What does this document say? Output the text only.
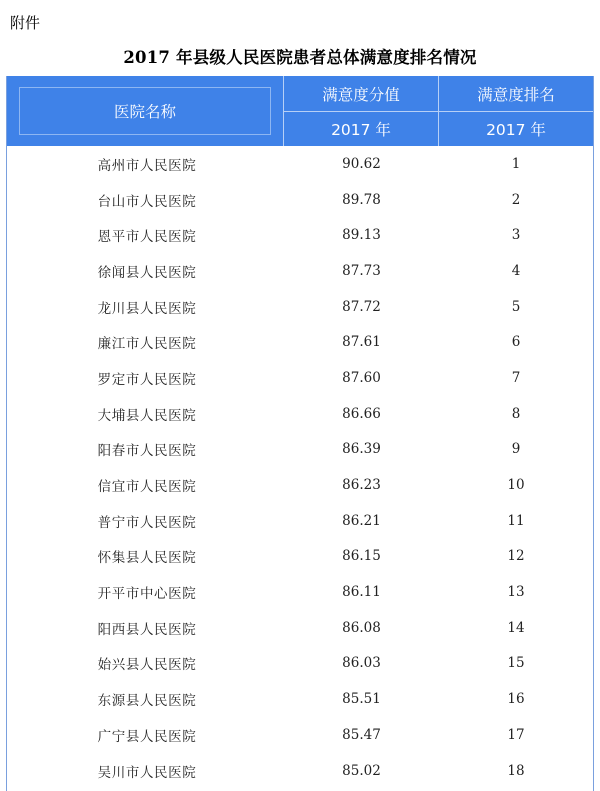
附件
2017 年县级人民医院患者总体满意度排名情况
医院名称
满意度分值	满意度排名
2017 年	2017 年
高州市人民医院	90.62	1
台山市人民医院	89.78	2
恩平市人民医院	89.13	3
徐闻县人民医院	87.73	4
龙川县人民医院	87.72	5
廉江市人民医院	87.61	6
罗定市人民医院	87.60	7
大埔县人民医院	86.66	8
阳春市人民医院	86.39	9
信宜市人民医院	86.23	10
普宁市人民医院	86.21	11
怀集县人民医院	86.15	12
开平市中心医院	86.11	13
阳西县人民医院	86.08	14
始兴县人民医院	86.03	15
东源县人民医院	85.51	16
广宁县人民医院	85.47	17
吴川市人民医院	85.02	18
